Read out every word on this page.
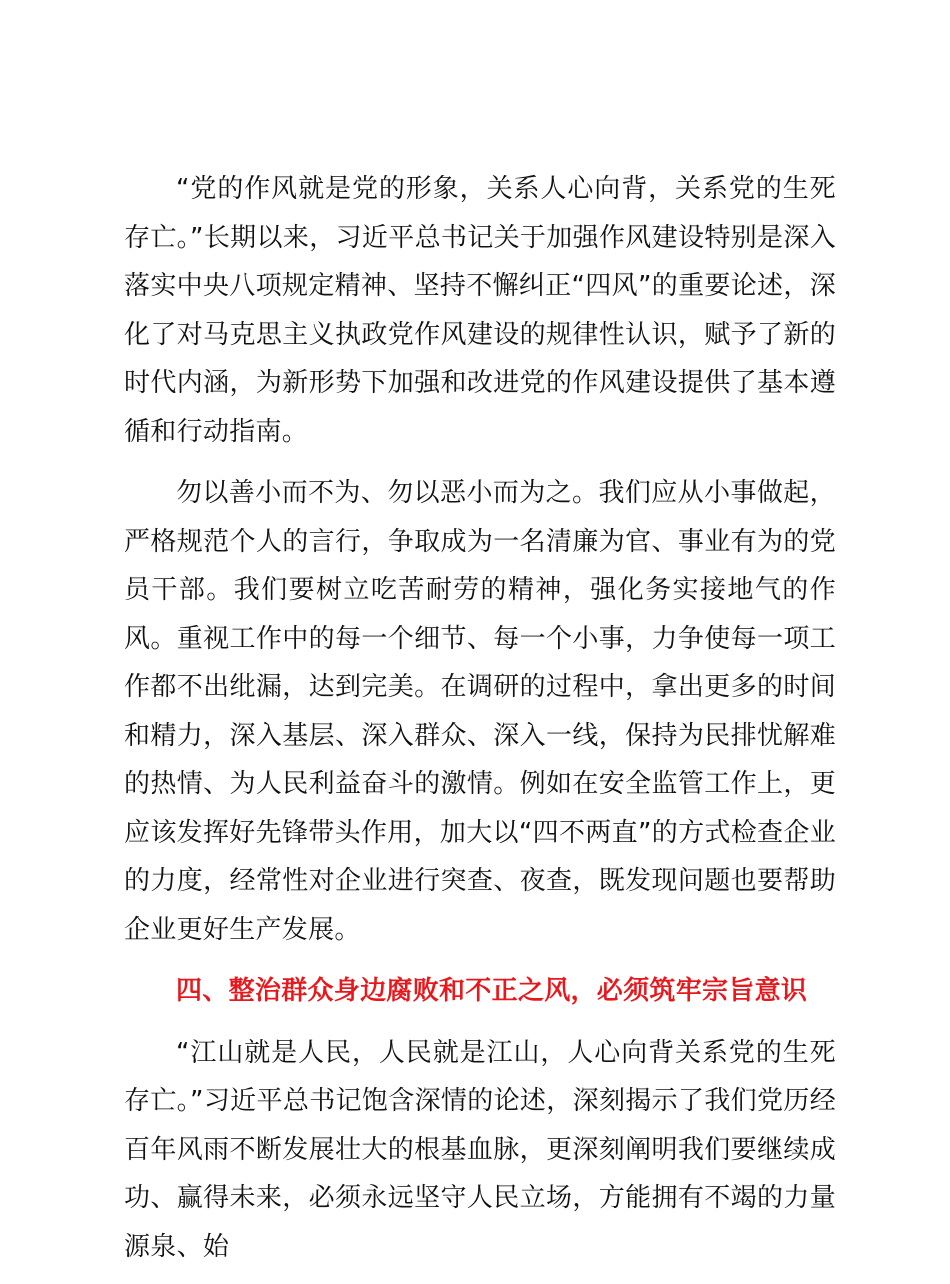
“党的作风就是党的形象，关系人心向背，关系党的生死存亡。”长期以来，习近平总书记关于加强作风建设特别是深入落实中央八项规定精神、坚持不懈纠正“四风”的重要论述，深化了对马克思主义执政党作风建设的规律性认识，赋予了新的时代内涵，为新形势下加强和改进党的作风建设提供了基本遵循和行动指南。

勿以善小而不为、勿以恶小而为之。我们应从小事做起，严格规范个人的言行，争取成为一名清廉为官、事业有为的党员干部。我们要树立吃苦耐劳的精神，强化务实接地气的作风。重视工作中的每一个细节、每一个小事，力争使每一项工作都不出纰漏，达到完美。在调研的过程中，拿出更多的时间和精力，深入基层、深入群众、深入一线，保持为民排忧解难的热情、为人民利益奋斗的激情。例如在安全监管工作上，更应该发挥好先锋带头作用，加大以“四不两直”的方式检查企业的力度，经常性对企业进行突查、夜查，既发现问题也要帮助企业更好生产发展。

四、整治群众身边腐败和不正之风，必须筑牢宗旨意识

“江山就是人民，人民就是江山，人心向背关系党的生死存亡。”习近平总书记饱含深情的论述，深刻揭示了我们党历经百年风雨不断发展壮大的根基血脉，更深刻阐明我们要继续成功、赢得未来，必须永远坚守人民立场，方能拥有不竭的力量源泉、始
